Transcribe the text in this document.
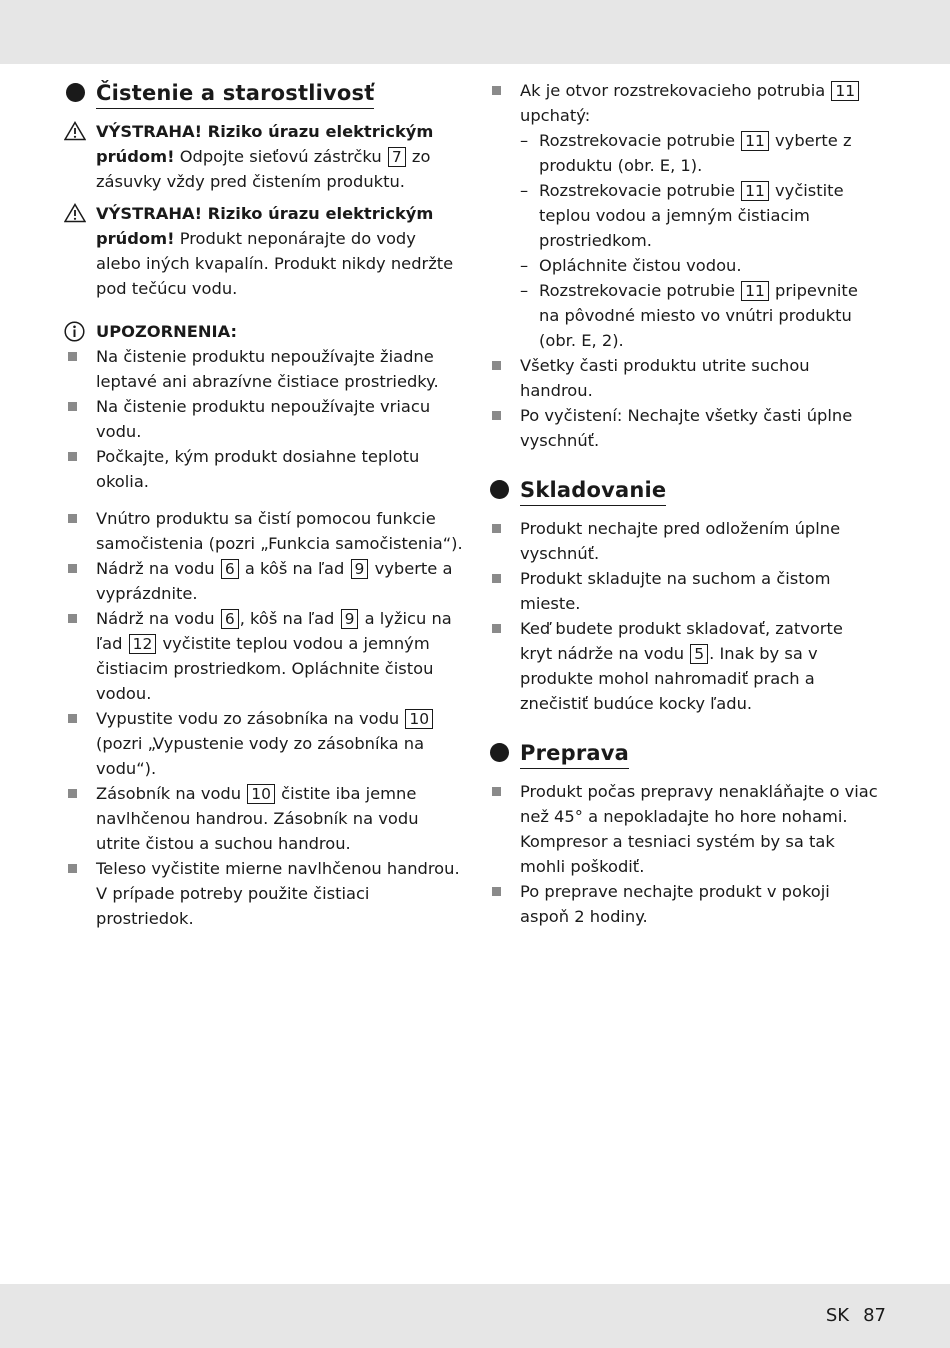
Čistenie a starostlivosť
VÝSTRAHA! Riziko úrazu elektrickým prúdom! Odpojte sieťovú zástrčku 7 zo zásuvky vždy pred čistením produktu.
VÝSTRAHA! Riziko úrazu elektrickým prúdom! Produkt neponárajte do vody alebo iných kvapalín. Produkt nikdy nedržte pod tečúcu vodu.
UPOZORNENIA:
Na čistenie produktu nepoužívajte žiadne leptavé ani abrazívne čistiace prostriedky.
Na čistenie produktu nepoužívajte vriacu vodu.
Počkajte, kým produkt dosiahne teplotu okolia.
Vnútro produktu sa čistí pomocou funkcie samočistenia (pozri „Funkcia samočistenia“).
Nádrž na vodu 6 a kôš na ľad 9 vyberte a vyprázdnite.
Nádrž na vodu 6 , kôš na ľad 9 a lyžicu na ľad 12 vyčistite teplou vodou a jemným čistiacim prostriedkom. Opláchnite čistou vodou.
Vypustite vodu zo zásobníka na vodu 10 (pozri „Vypustenie vody zo zásobníka na vodu“).
Zásobník na vodu 10 čistite iba jemne navlhčenou handrou. Zásobník na vodu utrite čistou a suchou handrou.
Teleso vyčistite mierne navlhčenou handrou. V prípade potreby použite čistiaci prostriedok.
Ak je otvor rozstrekovacieho potrubia 11 upchatý:
– Rozstrekovacie potrubie 11 vyberte z produktu (obr. E, 1).
– Rozstrekovacie potrubie 11 vyčistite teplou vodou a jemným čistiacim prostriedkom.
– Opláchnite čistou vodou.
– Rozstrekovacie potrubie 11 pripevnite na pôvodné miesto vo vnútri produktu (obr. E, 2).
Všetky časti produktu utrite suchou handrou.
Po vyčistení: Nechajte všetky časti úplne vyschnúť.
Skladovanie
Produkt nechajte pred odložením úplne vyschnúť.
Produkt skladujte na suchom a čistom mieste.
Keď budete produkt skladovať, zatvorte kryt nádrže na vodu 5 . Inak by sa v produkte mohol nahromadiť prach a znečistiť budúce kocky ľadu.
Preprava
Produkt počas prepravy nenakláňajte o viac než 45° a nepokladajte ho hore nohami. Kompresor a tesniaci systém by sa tak mohli poškodiť.
Po preprave nechajte produkt v pokoji aspoň 2 hodiny.
SK 87
